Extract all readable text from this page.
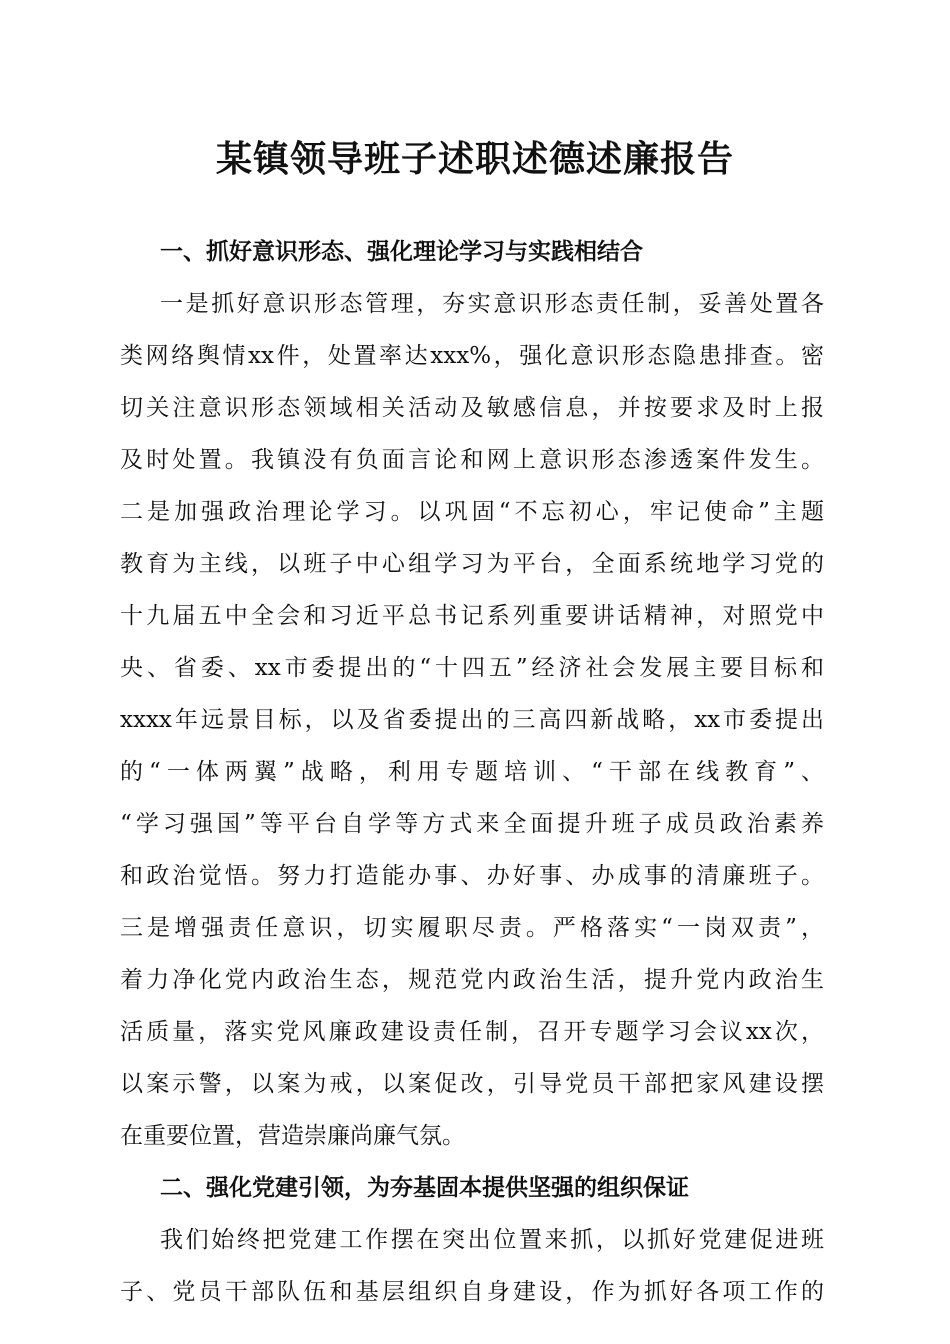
某镇领导班子述职述德述廉报告
一、抓好意识形态、强化理论学习与实践相结合
一是抓好意识形态管理，夯实意识形态责任制，妥善处置各
类网络舆情xx件，处置率达xxx%，强化意识形态隐患排查。密
切关注意识形态领域相关活动及敏感信息，并按要求及时上报
及时处置。我镇没有负面言论和网上意识形态渗透案件发生。
二是加强政治理论学习。以巩固“不忘初心，牢记使命”主题
教育为主线，以班子中心组学习为平台，全面系统地学习党的
十九届五中全会和习近平总书记系列重要讲话精神，对照党中
央、省委、xx市委提出的“十四五”经济社会发展主要目标和
xxxx年远景目标，以及省委提出的三高四新战略，xx市委提出
的“一体两翼”战略，利用专题培训、“干部在线教育”、
“学习强国”等平台自学等方式来全面提升班子成员政治素养
和政治觉悟。努力打造能办事、办好事、办成事的清廉班子。
三是增强责任意识，切实履职尽责。严格落实“一岗双责”，
着力净化党内政治生态，规范党内政治生活，提升党内政治生
活质量，落实党风廉政建设责任制，召开专题学习会议xx次，
以案示警，以案为戒，以案促改，引导党员干部把家风建设摆
在重要位置，营造崇廉尚廉气氛。
二、强化党建引领，为夯基固本提供坚强的组织保证
我们始终把党建工作摆在突出位置来抓，以抓好党建促进班
子、党员干部队伍和基层组织自身建设，作为抓好各项工作的
